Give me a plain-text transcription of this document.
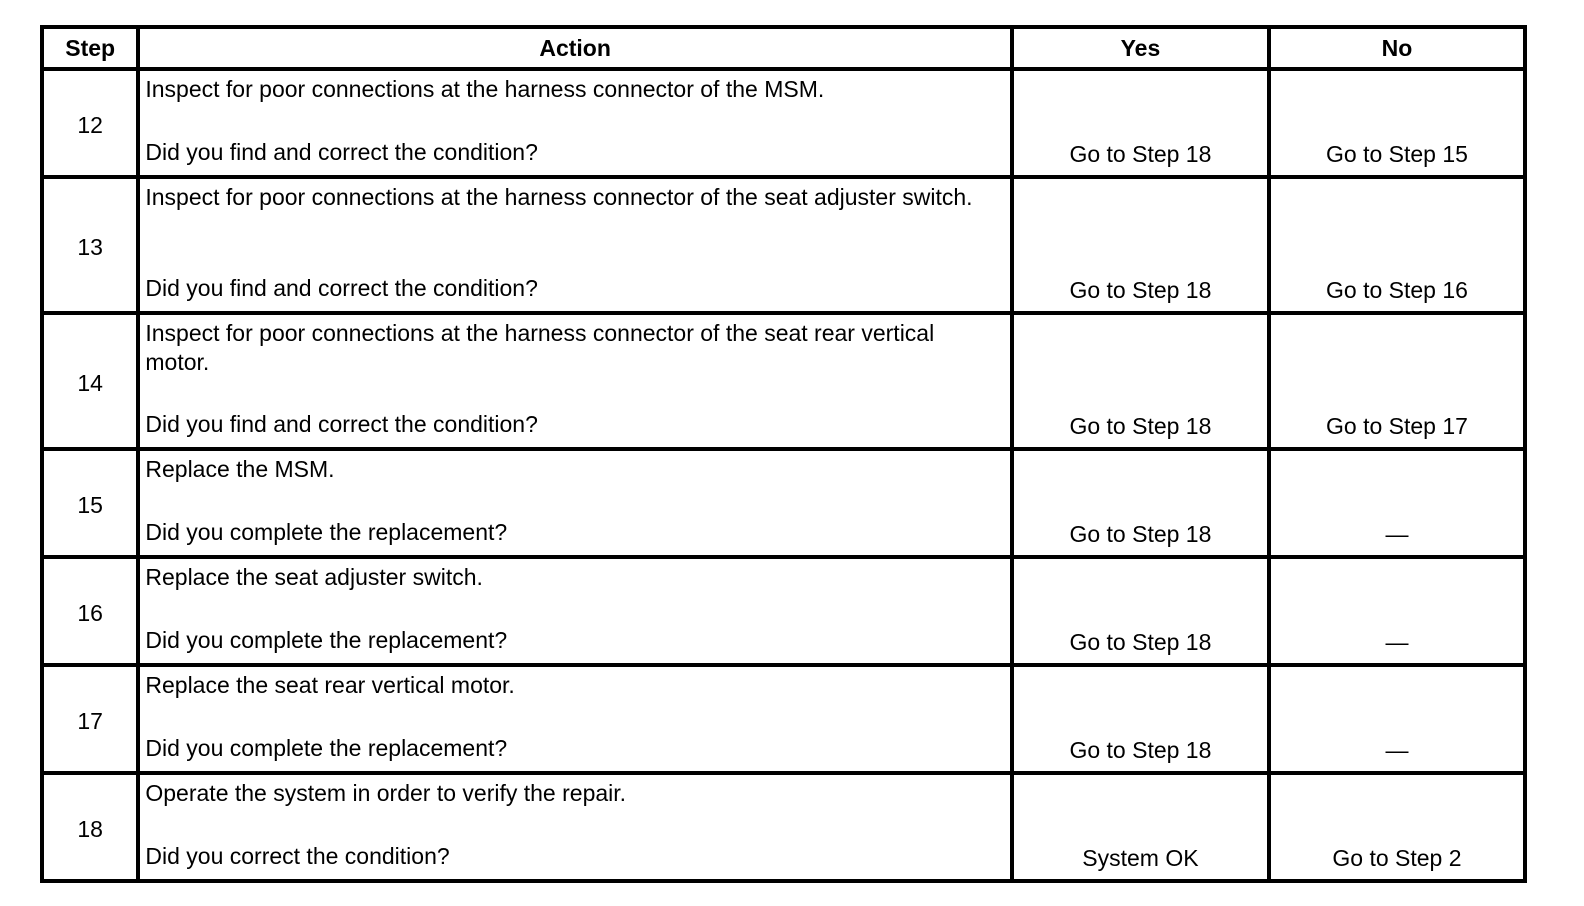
Step	Action	Yes	No
12	Inspect for poor connections at the harness connector of the MSM.
Did you find and correct the condition?	Go to Step 18	Go to Step 15
13	Inspect for poor connections at the harness connector of the seat adjuster switch.
Did you find and correct the condition?	Go to Step 18	Go to Step 16
14	Inspect for poor connections at the harness connector of the seat rear vertical motor.
Did you find and correct the condition?	Go to Step 18	Go to Step 17
15	Replace the MSM.
Did you complete the replacement?	Go to Step 18	—
16	Replace the seat adjuster switch.
Did you complete the replacement?	Go to Step 18	—
17	Replace the seat rear vertical motor.
Did you complete the replacement?	Go to Step 18	—
18	Operate the system in order to verify the repair.
Did you correct the condition?	System OK	Go to Step 2
